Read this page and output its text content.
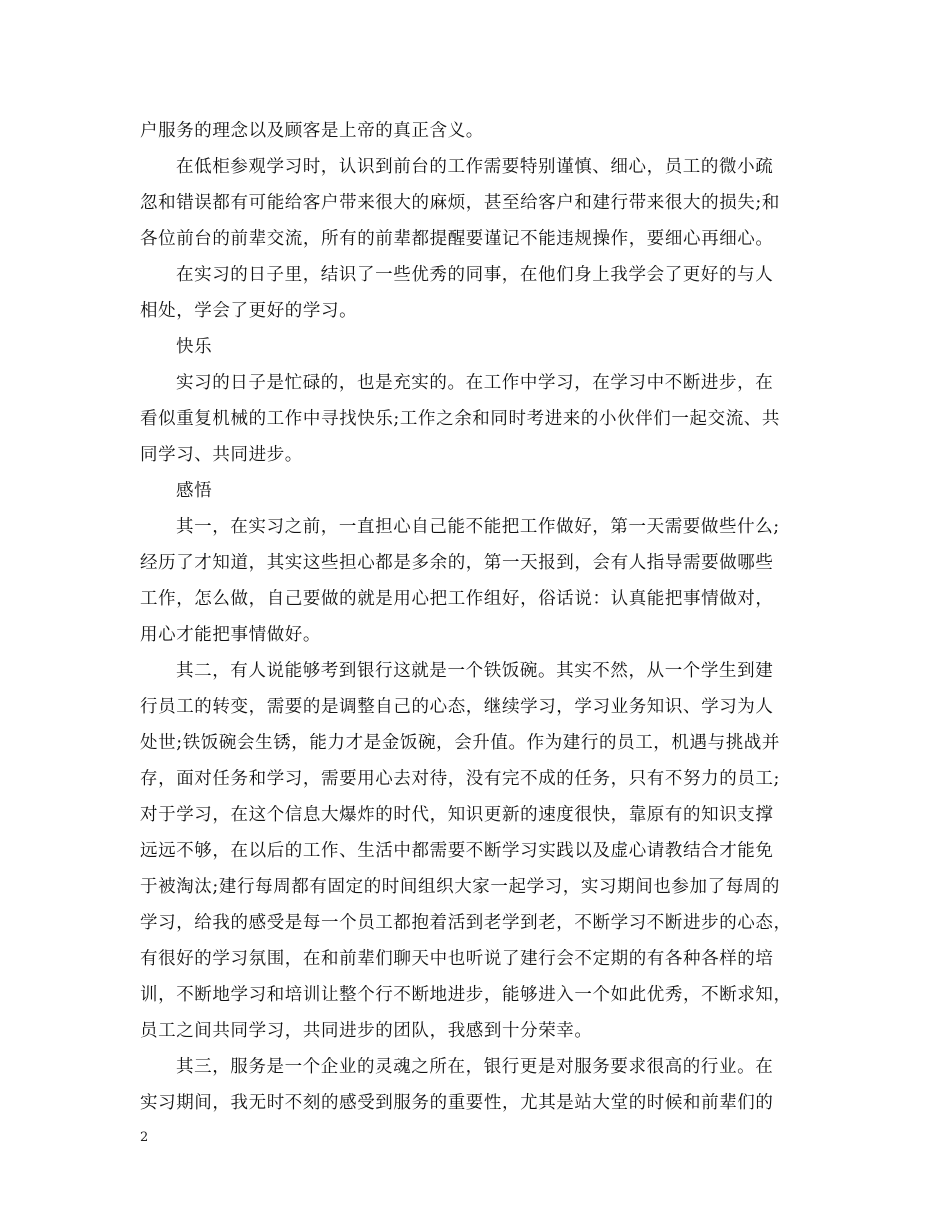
户服务的理念以及顾客是上帝的真正含义。
在低柜参观学习时，认识到前台的工作需要特别谨慎、细心，员工的微小疏
忽和错误都有可能给客户带来很大的麻烦，甚至给客户和建行带来很大的损失;和
各位前台的前辈交流，所有的前辈都提醒要谨记不能违规操作，要细心再细心。
在实习的日子里，结识了一些优秀的同事，在他们身上我学会了更好的与人
相处，学会了更好的学习。
快乐
实习的日子是忙碌的，也是充实的。在工作中学习，在学习中不断进步，在
看似重复机械的工作中寻找快乐;工作之余和同时考进来的小伙伴们一起交流、共
同学习、共同进步。
感悟
其一，在实习之前，一直担心自己能不能把工作做好，第一天需要做些什么;
经历了才知道，其实这些担心都是多余的，第一天报到，会有人指导需要做哪些
工作，怎么做，自己要做的就是用心把工作组好，俗话说：认真能把事情做对，
用心才能把事情做好。
其二，有人说能够考到银行这就是一个铁饭碗。其实不然，从一个学生到建
行员工的转变，需要的是调整自己的心态，继续学习，学习业务知识、学习为人
处世;铁饭碗会生锈，能力才是金饭碗，会升值。作为建行的员工，机遇与挑战并
存，面对任务和学习，需要用心去对待，没有完不成的任务，只有不努力的员工;
对于学习，在这个信息大爆炸的时代，知识更新的速度很快，靠原有的知识支撑
远远不够，在以后的工作、生活中都需要不断学习实践以及虚心请教结合才能免
于被淘汰;建行每周都有固定的时间组织大家一起学习，实习期间也参加了每周的
学习，给我的感受是每一个员工都抱着活到老学到老，不断学习不断进步的心态，
有很好的学习氛围，在和前辈们聊天中也听说了建行会不定期的有各种各样的培
训，不断地学习和培训让整个行不断地进步，能够进入一个如此优秀，不断求知，
员工之间共同学习，共同进步的团队，我感到十分荣幸。
其三，服务是一个企业的灵魂之所在，银行更是对服务要求很高的行业。在
实习期间，我无时不刻的感受到服务的重要性，尤其是站大堂的时候和前辈们的
2
